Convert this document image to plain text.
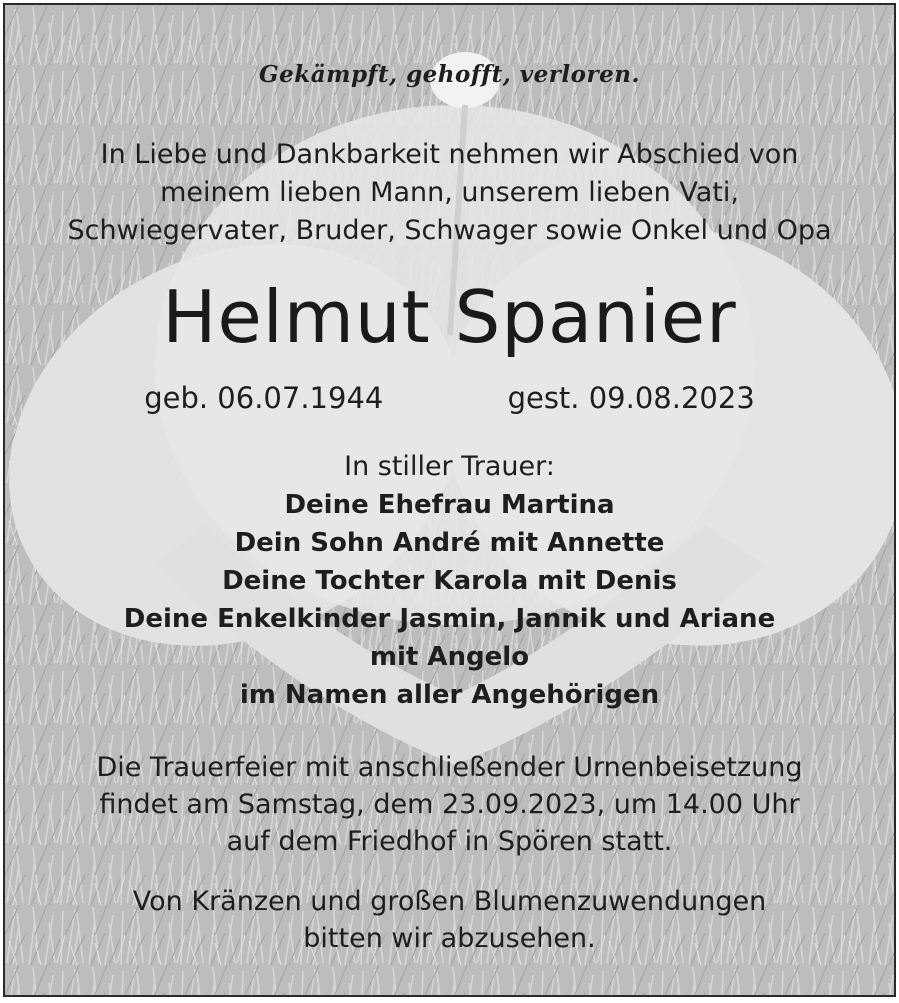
Gekämpft, gehofft, verloren.
In Liebe und Dankbarkeit nehmen wir Abschied von
meinem lieben Mann, unserem lieben Vati,
Schwiegervater, Bruder, Schwager sowie Onkel und Opa
Helmut Spanier
geb. 06.07.1944	gest. 09.08.2023
In stiller Trauer:
Deine Ehefrau Martina
Dein Sohn André mit Annette
Deine Tochter Karola mit Denis
Deine Enkelkinder Jasmin, Jannik und Ariane
mit Angelo
im Namen aller Angehörigen
Die Trauerfeier mit anschließender Urnenbeisetzung
findet am Samstag, dem 23.09.2023, um 14.00 Uhr
auf dem Friedhof in Spören statt.
Von Kränzen und großen Blumenzuwendungen
bitten wir abzusehen.
